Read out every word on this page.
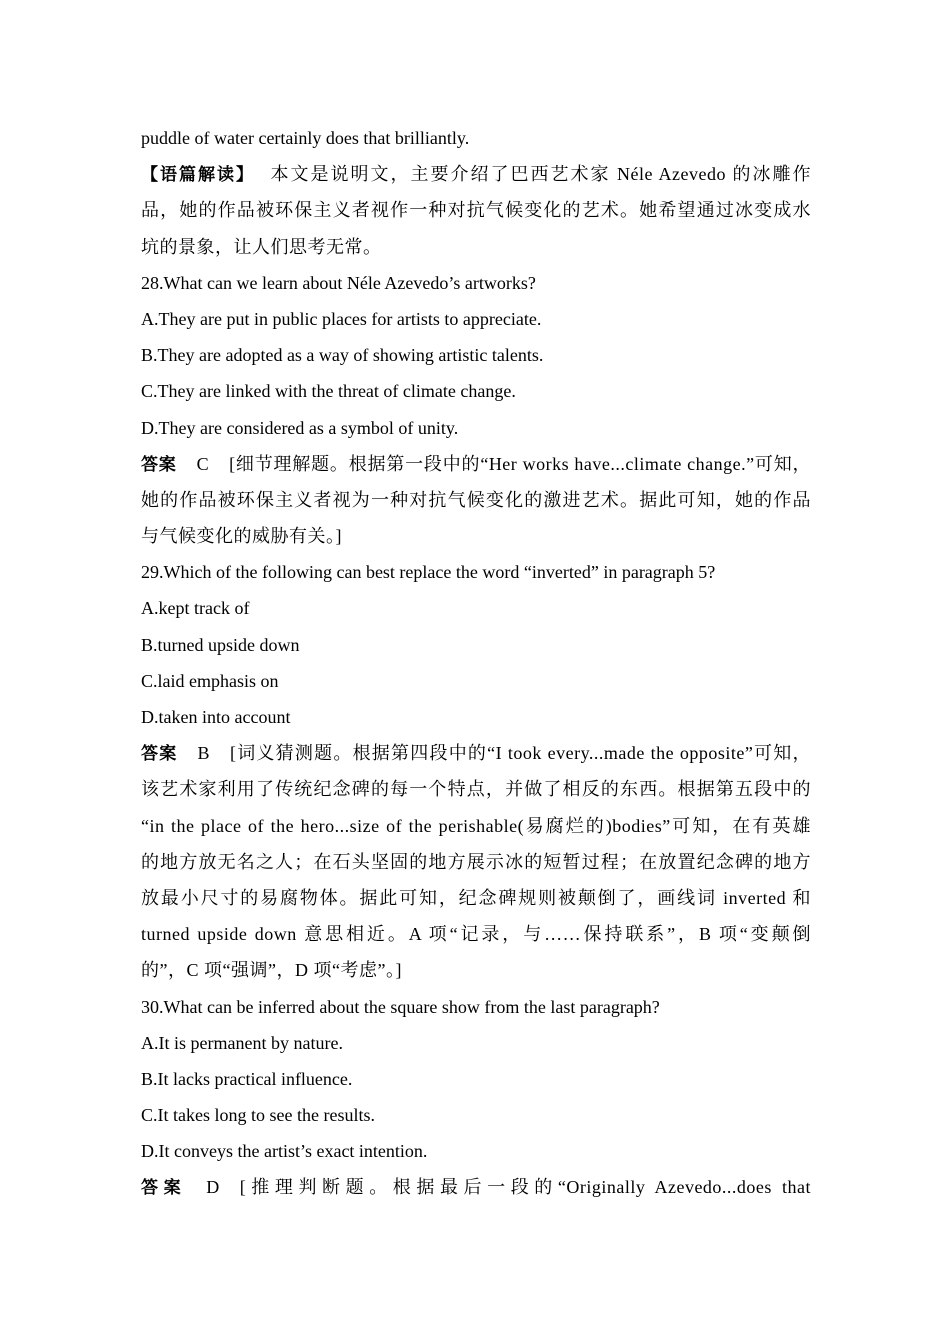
puddle of water certainly does that brilliantly.
【语篇解读】 本文是说明文，主要介绍了巴西艺术家 Néle Azevedo 的冰雕作
品，她的作品被环保主义者视作一种对抗气候变化的艺术。她希望通过冰变成水
坑的景象，让人们思考无常。
28.What can we learn about Néle Azevedo’s artworks?
A.They are put in public places for artists to appreciate.
B.They are adopted as a way of showing artistic talents.
C.They are linked with the threat of climate change.
D.They are considered as a symbol of unity.
答案 C [细节理解题。根据第一段中的“Her works have...climate change.”可知，
她的作品被环保主义者视为一种对抗气候变化的激进艺术。据此可知，她的作品
与气候变化的威胁有关。]
29.Which of the following can best replace the word “inverted” in paragraph 5?
A.kept track of
B.turned upside down
C.laid emphasis on
D.taken into account
答案 B [词义猜测题。根据第四段中的“I took every...made the opposite”可知，
该艺术家利用了传统纪念碑的每一个特点，并做了相反的东西。根据第五段中的
“in the place of the hero...size of the perishable(易腐烂的)bodies”可知，在有英雄
的地方放无名之人；在石头坚固的地方展示冰的短暂过程；在放置纪念碑的地方
放最小尺寸的易腐物体。据此可知，纪念碑规则被颠倒了，画线词 inverted 和
turned upside down 意思相近。A 项“记录，与……保持联系”，B 项“变颠倒
的”，C 项“强调”，D 项“考虑”。]
30.What can be inferred about the square show from the last paragraph?
A.It is permanent by nature.
B.It lacks practical influence.
C.It takes long to see the results.
D.It conveys the artist’s exact intention.
答案 D [推理判断题。根据最后一段的“Originally Azevedo...does that
